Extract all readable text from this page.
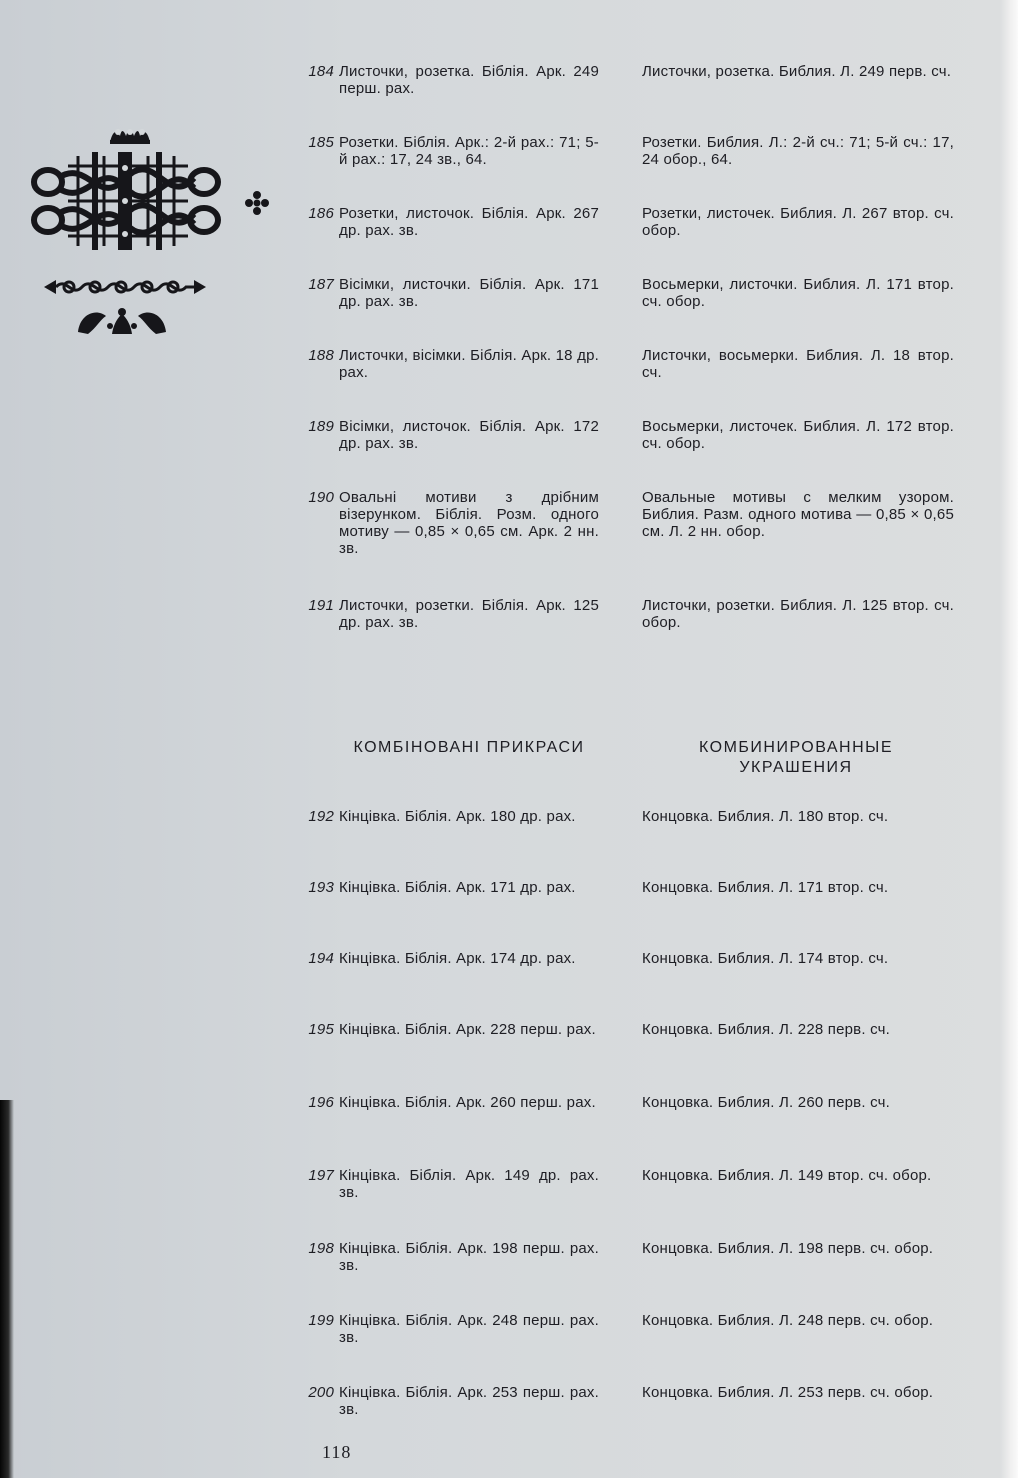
184 Листочки, розетка. Біблія. Арк. 249 перш. рах.
Листочки, розетка. Библия. Л. 249 перв. сч.
185 Розетки. Біблія. Арк.: 2-й рах.: 71; 5-й рах.: 17, 24 зв., 64.
Розетки. Библия. Л.: 2-й сч.: 71; 5-й сч.: 17, 24 обор., 64.
186 Розетки, листочок. Біблія. Арк. 267 др. рах. зв.
Розетки, листочек. Библия. Л. 267 втор. сч. обор.
187 Вісімки, листочки. Біблія. Арк. 171 др. рах. зв.
Восьмерки, листочки. Библия. Л. 171 втор. сч. обор.
188 Листочки, вісімки. Біблія. Арк. 18 др. рах.
Листочки, восьмерки. Библия. Л. 18 втор. сч.
189 Вісімки, листочок. Біблія. Арк. 172 др. рах. зв.
Восьмерки, листочек. Библия. Л. 172 втор. сч. обор.
190 Овальні мотиви з дрібним візерунком. Біблія. Розм. одного мотиву — 0,85 × 0,65 см. Арк. 2 нн. зв.
Овальные мотивы с мелким узором. Библия. Разм. одного мотива — 0,85 × 0,65 см. Л. 2 нн. обор.
191 Листочки, розетки. Біблія. Арк. 125 др. рах. зв.
Листочки, розетки. Библия. Л. 125 втор. сч. обор.
КОМБІНОВАНІ ПРИКРАСИ	КОМБИНИРОВАННЫЕ УКРАШЕНИЯ
192 Кінцівка. Біблія. Арк. 180 др. рах.	Концовка. Библия. Л. 180 втор. сч.
193 Кінцівка. Біблія. Арк. 171 др. рах.	Концовка. Библия. Л. 171 втор. сч.
194 Кінцівка. Біблія. Арк. 174 др. рах.	Концовка. Библия. Л. 174 втор. сч.
195 Кінцівка. Біблія. Арк. 228 перш. рах.	Концовка. Библия. Л. 228 перв. сч.
196 Кінцівка. Біблія. Арк. 260 перш. рах.	Концовка. Библия. Л. 260 перв. сч.
197 Кінцівка. Біблія. Арк. 149 др. рах. зв.
Концовка. Библия. Л. 149 втор. сч. обор.
198 Кінцівка. Біблія. Арк. 198 перш. рах. зв.
Концовка. Библия. Л. 198 перв. сч. обор.
199 Кінцівка. Біблія. Арк. 248 перш. рах. зв.
Концовка. Библия. Л. 248 перв. сч. обор.
200 Кінцівка. Біблія. Арк. 253 перш. рах. зв.
Концовка. Библия. Л. 253 перв. сч. обор.
118
